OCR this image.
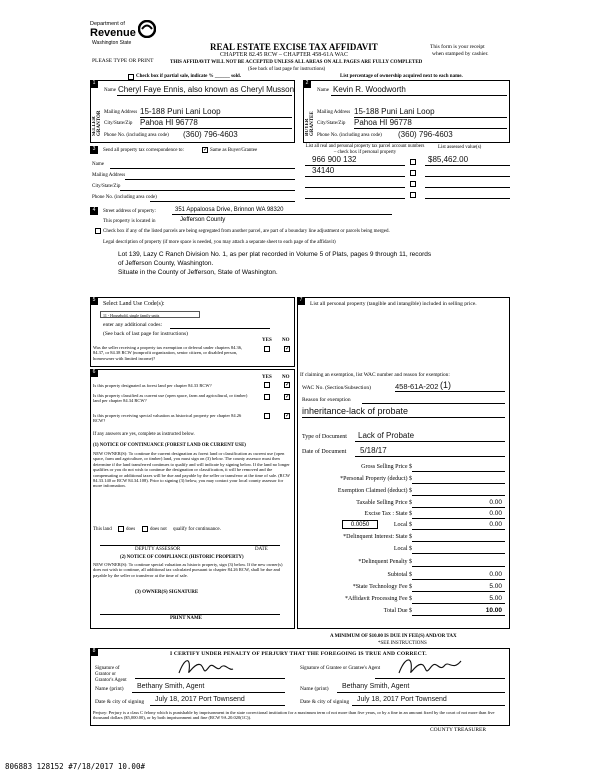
Department of
Revenue
Washington State
PLEASE TYPE OR PRINT
REAL ESTATE EXCISE TAX AFFIDAVIT
CHAPTER 82.45 RCW – CHAPTER 458-61A WAC
THIS AFFIDAVIT WILL NOT BE ACCEPTED UNLESS ALL AREAS ON ALL PAGES ARE FULLY COMPLETED
(See back of last page for instructions)
This form is your receipt
when stamped by cashier.
Check box if partial sale, indicate % ______ sold.	List percentage of ownership acquired next to each name.
1
SELLER GRANTOR
Name Cheryl Faye Ennis, also known as Cheryl Musson
Mailing Address 15-188 Puni Lani Loop
City/State/Zip Pahoa HI 96778
Phone No. (including area code) (360) 796-4603
2
BUYER GRANTEE
Name Kevin R. Woodworth
Mailing Address 15-188 Puni Lani Loop
City/State/Zip Pahoa HI 96778
Phone No. (including area code) (360) 796-4603
3	Send all property tax correspondence to:	✓ Same as Buyer/Grantee
Name
Mailing Address
City/State/Zip
Phone No. (including area code)
List all real and personal property tax parcel account numbers – check box if personal property
List assessed value(s)
966 900 132	$85,462.00
34140
4	Street address of property:	351 Appaloosa Drive, Brinnon WA 98320
This property is located in	Jefferson County
Check box if any of the listed parcels are being segregated from another parcel, are part of a boundary line adjustment or parcels being merged.
Legal description of property (if more space is needed, you may attach a separate sheet to each page of the affidavit)
Lot 139, Lazy C Ranch Division No. 1, as per plat recorded in Volume 5 of Plats, pages 9 through 11, records
of Jefferson County, Washington.
Situate in the County of Jefferson, State of Washington.
5
Select Land Use Code(s):
11 - Household, single family units
enter any additional codes:
(See back of last page for instructions)
YES NO
Was the seller receiving a property tax exemption or deferral under chapters 84.36, 84.37, or 84.38 RCW (nonprofit organization, senior citizen, or disabled person, homeowner with limited income)?
✓
6
YES NO
Is this property designated as forest land per chapter 84.33 RCW?	✓
Is this property classified as current use (open space, farm and agricultural, or timber) land per chapter 84.34 RCW?
✓
Is this property receiving special valuation as historical property per chapter 84.26 RCW?
✓
If any answers are yes, complete as instructed below.
(1) NOTICE OF CONTINUANCE (FOREST LAND OR CURRENT USE)
NEW OWNER(S): To continue the current designation as forest land or classification as current use (open space, farm and agriculture, or timber) land, you must sign on (3) below. The county assessor must then determine if the land transferred continues to qualify and will indicate by signing below. If the land no longer qualifies or you do not wish to continue the designation or classification, it will be removed and the compensating or additional taxes will be due and payable by the seller or transferor at the time of sale. (RCW 84.33.140 or RCW 84.34.108). Prior to signing (3) below, you may contact your local county assessor for more information.
This land	does	does not qualify for continuance.
DEPUTY ASSESSOR	DATE
(2) NOTICE OF COMPLIANCE (HISTORIC PROPERTY)
NEW OWNER(S): To continue special valuation as historic property, sign (3) below. If the new owner(s) does not wish to continue, all additional tax calculated pursuant to chapter 84.26 RCW, shall be due and payable by the seller or transferor at the time of sale.
(3) OWNER(S) SIGNATURE
PRINT NAME
7
List all personal property (tangible and intangible) included in selling price.
If claiming an exemption, list WAC number and reason for exemption:
WAC No. (Section/Subsection)	458-61A-202 (1)
Reason for exemption
inheritance-lack of probate
Type of Document Lack of Probate
Date of Document 5/18/17
Gross Selling Price $
*Personal Property (deduct) $
Exemption Claimed (deduct) $
Taxable Selling Price $	0.00
Excise Tax : State $	0.00
0.0050	Local $	0.00
*Delinquent Interest: State $
Local $
*Delinquent Penalty $
Subtotal $	0.00
*State Technology Fee $	5.00
*Affidavit Processing Fee $	5.00
Total Due $	10.00
A MINIMUM OF $10.00 IS DUE IN FEE(S) AND/OR TAX
*SEE INSTRUCTIONS
8	I CERTIFY UNDER PENALTY OF PERJURY THAT THE FOREGOING IS TRUE AND CORRECT.
Signature of Grantor or Grantor's Agent
Signature of Grantee or Grantee's Agent
Name (print) Bethany Smith, Agent	Name (print) Bethany Smith, Agent
Date & city of signing July 18, 2017 Port Townsend	Date & city of signing July 18, 2017 Port Townsend
Perjury: Perjury is a class C felony which is punishable by imprisonment in the state correctional institution for a maximum term of not more than five years, or by a fine in an amount fixed by the court of not more than five thousand dollars ($5,000.00), or by both imprisonment and fine (RCW 9A.20.020(1C)).
COUNTY TREASURER
806883 128152 #7/18/2017 10.00#
